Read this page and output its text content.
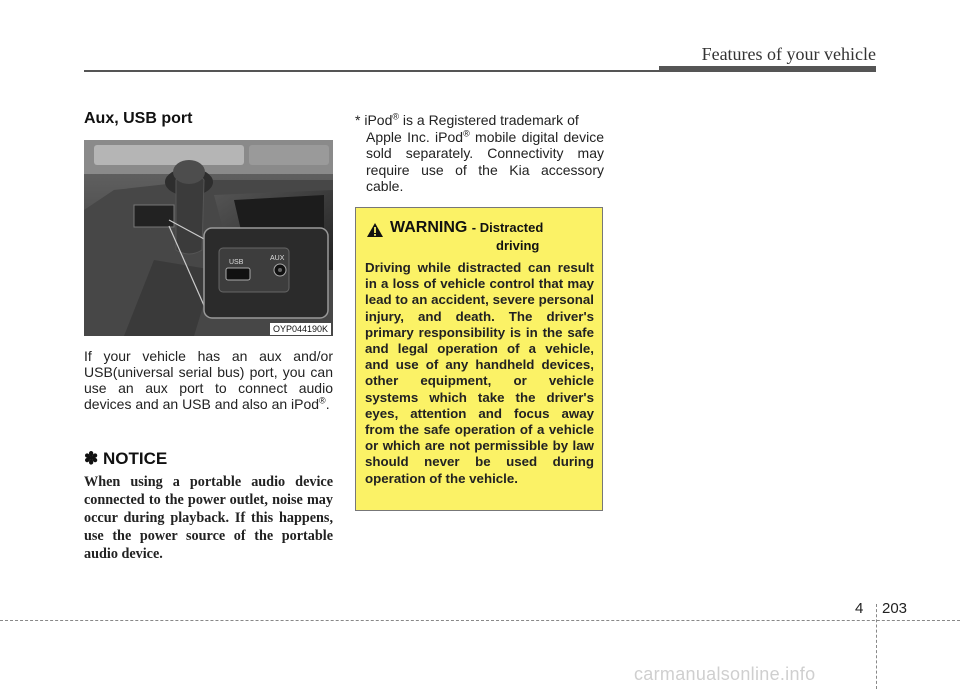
Features of your vehicle
Aux, USB port
USB
AUX
OYP044190K
If your vehicle has an aux and/or USB(universal serial bus) port, you can use an aux port to connect audio devices and an USB and also an iPod®.
✽ NOTICE
When using a portable audio device connected to the power outlet, noise may occur during playback. If this happens, use the power source of the portable audio device.
* iPod® is a Registered trademark of
Apple Inc. iPod® mobile digital device sold separately. Connectivity may require use of the Kia accessory cable.
WARNING - Distracted
driving
Driving while distracted can result in a loss of vehicle control that may lead to an accident, severe personal injury, and death. The driver's primary responsibility is in the safe and legal operation of a vehicle, and use of any handheld devices, other equipment, or vehicle systems which take the driver's eyes, attention and focus away from the safe operation of a vehicle or which are not permissible by law should never be used during operation of the vehicle.
4 203
carmanualsonline.info
